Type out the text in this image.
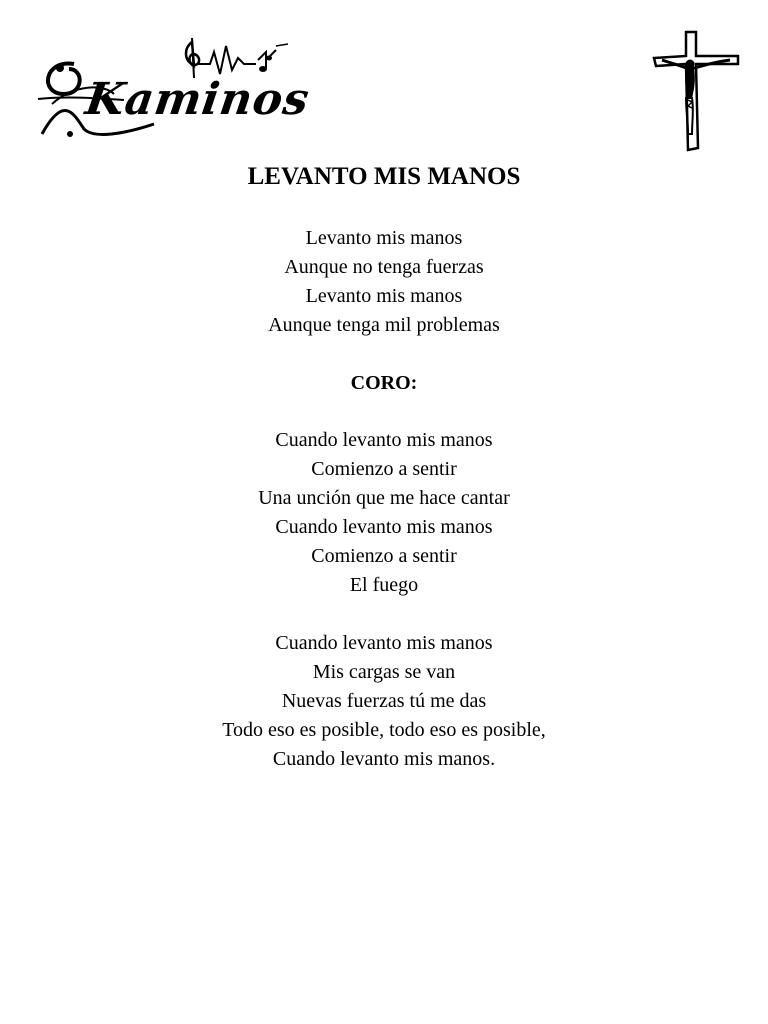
Kaminos
LEVANTO MIS MANOS
Levanto mis manos
Aunque no tenga fuerzas
Levanto mis manos
Aunque tenga mil problemas
CORO:
Cuando levanto mis manos
Comienzo a sentir
Una unción que me hace cantar
Cuando levanto mis manos
Comienzo a sentir
El fuego
Cuando levanto mis manos
Mis cargas se van
Nuevas fuerzas tú me das
Todo eso es posible, todo eso es posible,
Cuando levanto mis manos.
